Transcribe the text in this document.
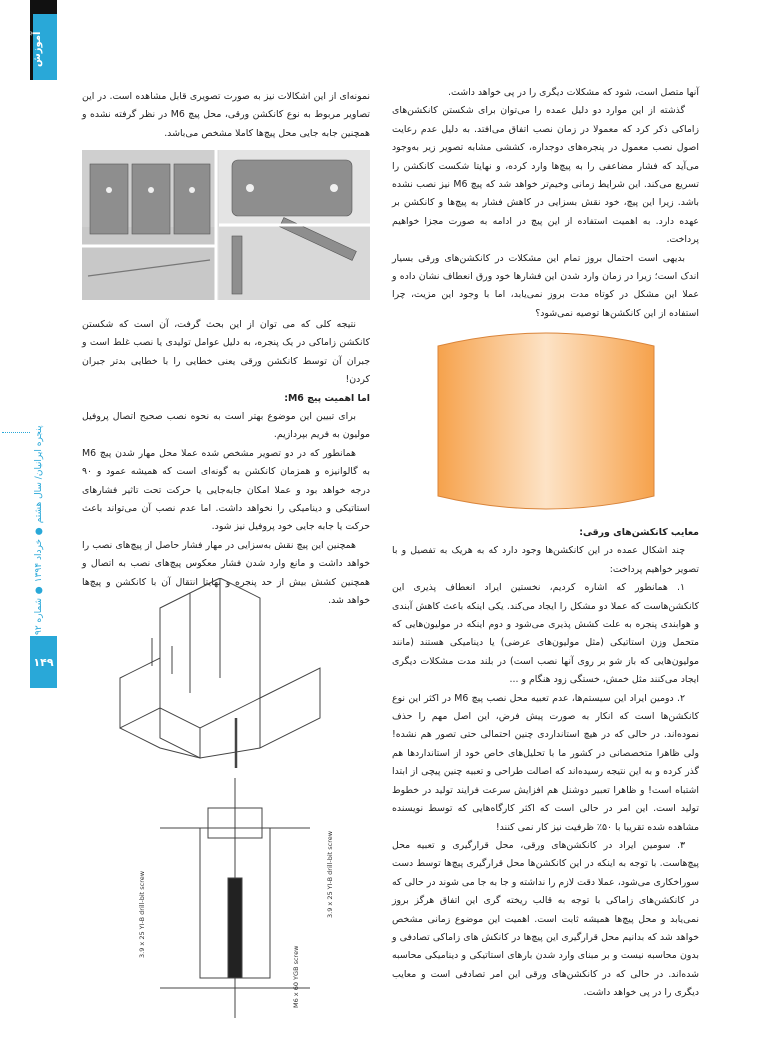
آموزش
پنجره ایرانیان/ سال هشتم ● خرداد ۱۳۹۴ ● شماره ۹۲
۱۴۹

آنها متصل است، شود که مشکلات دیگری را در پی خواهد داشت.

گذشته از این موارد دو دلیل عمده را می‌توان برای شکستن کانکشن‌های زاماکی ذکر کرد که معمولا در زمان نصب اتفاق می‌افتد. به دلیل عدم رعایت اصول نصب معمول در پنجره‌های دوجداره، کششی مشابه تصویر زیر به‌وجود می‌آید که فشار مضاعفی را به پیچ‌ها وارد کرده، و نهایتا شکست کانکشن را تسریع می‌کند. این شرایط زمانی وخیم‌تر خواهد شد که پیچ M6 نیز نصب نشده باشد. زیرا این پیچ، خود نقش بسزایی در کاهش فشار به پیچ‌ها و کانکشن بر عهده دارد. به اهمیت استفاده از این پیچ در ادامه به صورت مجزا خواهیم پرداخت.

بدیهی است احتمال بروز تمام این مشکلات در کانکشن‌های ورقی بسیار اندک است؛ زیرا در زمان وارد شدن این فشارها خود ورق انعطاف نشان داده و عملا این مشکل در کوتاه مدت بروز نمی‌یابد، اما با وجود این مزیت، چرا استفاده از این کانکشن‌ها توصیه نمی‌شود؟

معایب کانکشن‌های ورقی:

چند اشکال عمده در این کانکشن‌ها وجود دارد که به هریک به تفصیل و با تصویر خواهیم پرداخت:

۱. همانطور که اشاره کردیم، نخستین ایراد انعطاف پذیری این کانکشن‌هاست که عملا دو مشکل را ایجاد می‌کند. یکی اینکه باعث کاهش آبندی و هوابندی پنجره به علت کشش پذیری می‌شود و دوم اینکه در مولیون‌هایی که متحمل وزن استاتیکی (مثل مولیون‌های عرضی) یا دینامیکی هستند (مانند مولیون‌هایی که باز شو بر روی آنها نصب است) در بلند مدت مشکلات دیگری ایجاد می‌کنند مثل خمش، خستگی زود هنگام و ...

۲. دومین ایراد این سیستم‌ها، عدم تعبیه محل نصب پیچ M6 در اکثر این نوع کانکشن‌ها است که انکار به صورت پیش فرض، این اصل مهم را حذف نموده‌اند. در حالی که در هیچ استانداردی چنین احتمالی حتی تصور هم نشده! ولی ظاهرا متخصصانی در کشور ما با تحلیل‌های خاص خود از استانداردها هم گذر کرده و به این نتیجه رسیده‌اند که اصالت طراحی و تعبیه چنین پیچی از ابتدا اشتباه است! و ظاهرا تعبیر دوشنل هم افزایش سرعت فرایند تولید در خطوط تولید است. این امر در حالی است که اکثر کارگاه‌هایی که توسط نویسنده مشاهده شده تقریبا با ۵۰٪ ظرفیت نیز کار نمی کنند!

۳. سومین ایراد در کانکشن‌های ورقی، محل قرارگیری و تعبیه محل پیچ‌هاست. با توجه به اینکه در این کانکشن‌ها محل قرارگیری پیچ‌ها توسط دست سوراخکاری می‌شود، عملا دقت لازم را نداشته و جا به جا می شوند در حالی که در کانکشن‌های زاماکی با توجه به قالب ریخته گری این اتفاق هرگز بروز نمی‌یابد و محل پیچ‌ها همیشه ثابت است. اهمیت این موضوع زمانی مشخص خواهد شد که بدانیم محل قرارگیری این پیچ‌ها در کانکش های زاماکی تصادفی و بدون محاسبه نیست و بر مبنای وارد شدن بارهای استاتیکی و دینامیکی محاسبه شده‌اند. در حالی که در کانکشن‌های ورقی این امر تصادفی است و معایب دیگری را در پی خواهد داشت.

نمونه‌ای از این اشکالات نیز به صورت تصویری قابل مشاهده است. در این تصاویر مربوط به نوع کانکشن ورقی، محل پیچ M6 در نظر گرفته نشده و همچنین جابه جایی محل پیچ‌ها کاملا مشخص می‌باشد.

نتیجه کلی که می توان از این بحث گرفت، آن است که شکستن کانکشن زاماکی در یک پنجره، به دلیل عوامل تولیدی یا نصب غلط است و جبران آن توسط کانکشن ورقی یعنی خطایی را با خطایی بدتر جبران کردن!

اما اهمیت پیچ M6:

برای تبیین این موضوع بهتر است به نحوه نصب صحیح اتصال پروفیل مولیون به فریم بپردازیم.

همانطور که در دو تصویر مشخص شده عملا محل مهار شدن پیچ M6 به گالوانیزه و همزمان کانکشن به گونه‌ای است که همیشه عمود و ۹۰ درجه خواهد بود و عملا امکان جابه‌جایی یا حرکت تحت تاثیر فشارهای استاتیکی و دینامیکی را نخواهد داشت. اما عدم نصب آن می‌تواند باعث حرکت یا جابه جایی خود پروفیل نیز شود.

همچنین این پیچ نقش به‌سزایی در مهار فشار حاصل از پیچ‌های نصب را خواهد داشت و مانع وارد شدن فشار معکوس پیچ‌های نصب به اتصال و همچنین کشش بیش از حد پنجره و نهایتا انتقال آن با کانکشن و پیچ‌ها خواهد شد.

3.9 x 25 YI-B drill-bit screw	3.9 x 25 YI-B drill-bit screw
M6 x 60 YGB screw
